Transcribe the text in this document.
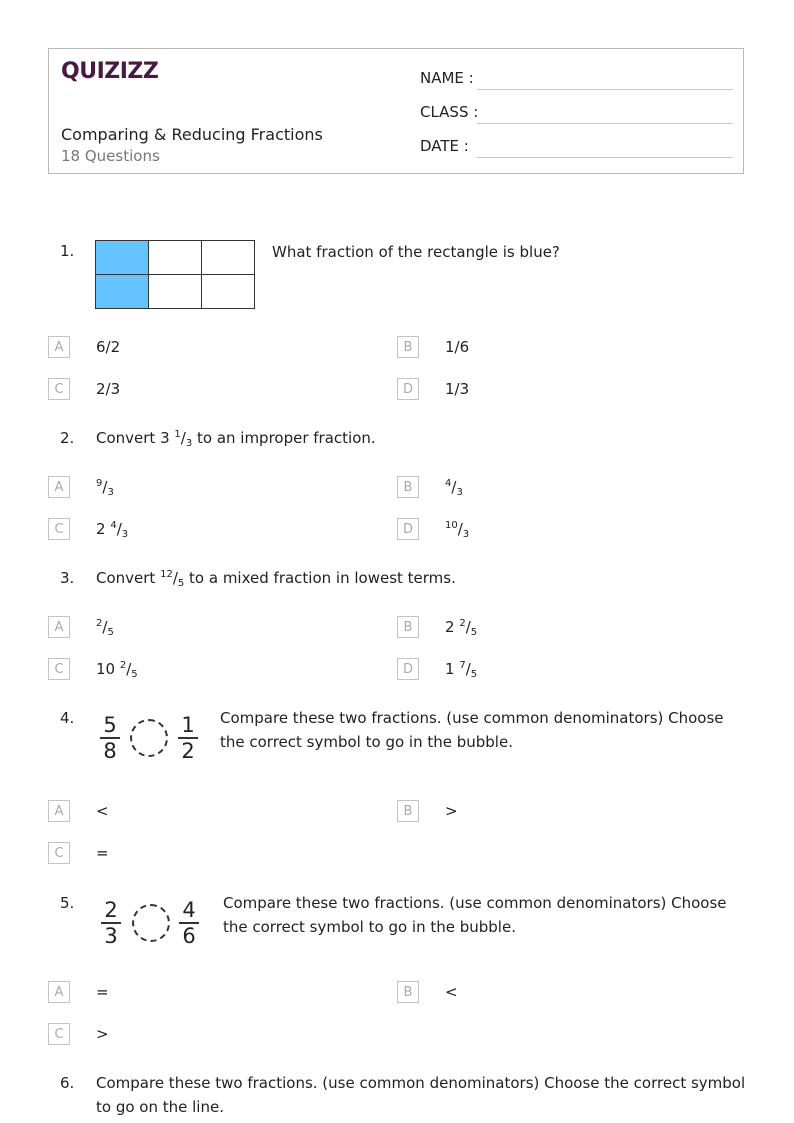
QUIZIZZ
Comparing & Reducing Fractions
18 Questions
NAME :
CLASS :
DATE :
1.

			What fraction of the rectangle is blue?
A	6/2	B	1/6
C	2/3	D	1/3
2. Convert 3 $^1/_3$ to an improper fraction.
A	$^9/_3$	B	$^4/_3$
C	2 $^4/_3$	D	$^{10}/_3$
3. Convert $^{12}/_5$ to a mixed fraction in lowest terms.
A	$^2/_5$	B	2 $^2/_5$
C	10 $^2/_5$	D	1 $^7/_5$
4. 5
8
1
2
Compare these two fractions. (use common denominators) Choose the correct symbol to go in the bubble.
A	<	B	>
C	=
5. 2
3
4
6
Compare these two fractions. (use common denominators) Choose the correct symbol to go in the bubble.
A	=	B	<
C	>
6. Compare these two fractions. (use common denominators) Choose the correct symbol to go on the line.
